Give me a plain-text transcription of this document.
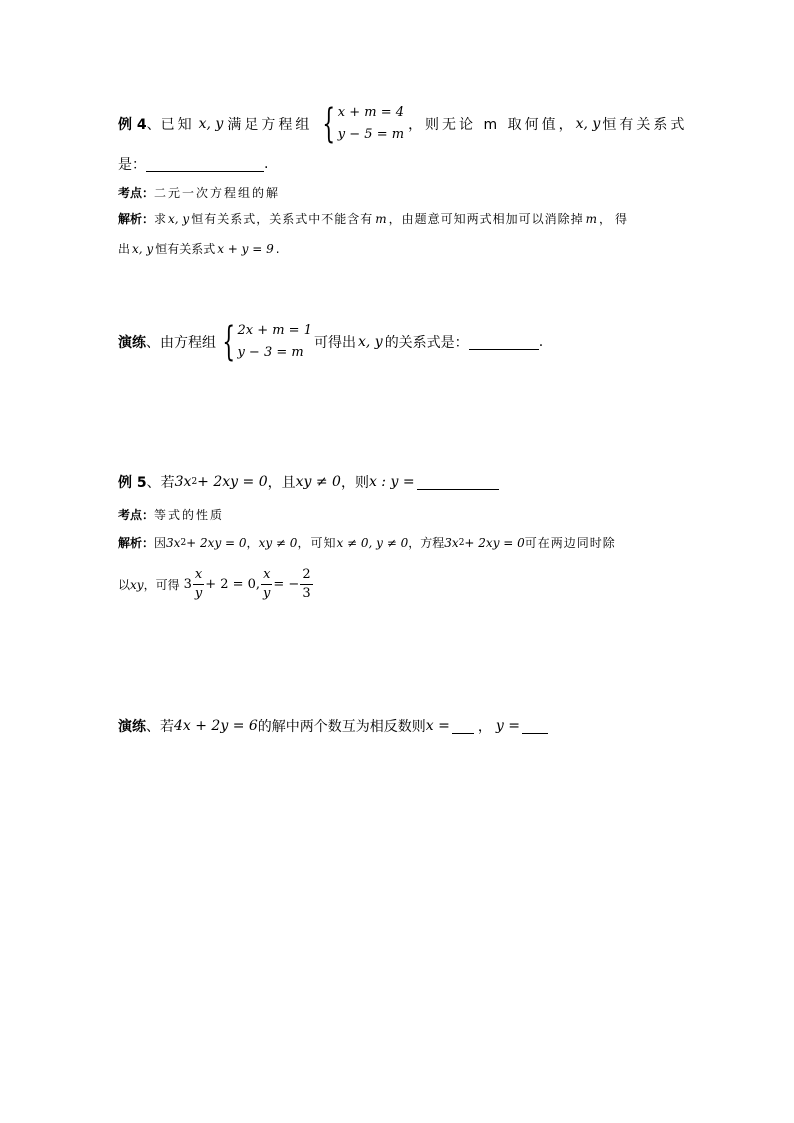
例 4 、 已知 x, y 满足方程组 { x + m = 4
y − 5 = m
，则无论 m 取何值， x, y 恒有关系式
是：	.
考点： 二元一次方程组的解
解析： 求 x, y 恒有关系式，关系式中不能含有 m ，由题意可知两式相加可以消除掉 m ，得
出 x, y 恒有关系式 x + y = 9 .
演练 、由方程组 { 2x + m = 1
y − 3 = m
可得出 x, y 的关系式是：	.
例 5 、若 3x 2 + 2xy = 0 ，且 xy ≠ 0 ，则 x : y =
考点： 等式的性质
解析： 因 3x 2 + 2xy = 0 ， xy ≠ 0 ，可知 x ≠ 0, y ≠ 0 ，方程 3x 2 + 2xy = 0 可在两边同时除
以 xy ，可得 $3 \frac{x}{y} + 2 = 0$, $\frac{x}{y}$ = − $\frac{2}{3}$
演练 、若 4x + 2y = 6 的解中两个数互为相反数则 x = ， y =
